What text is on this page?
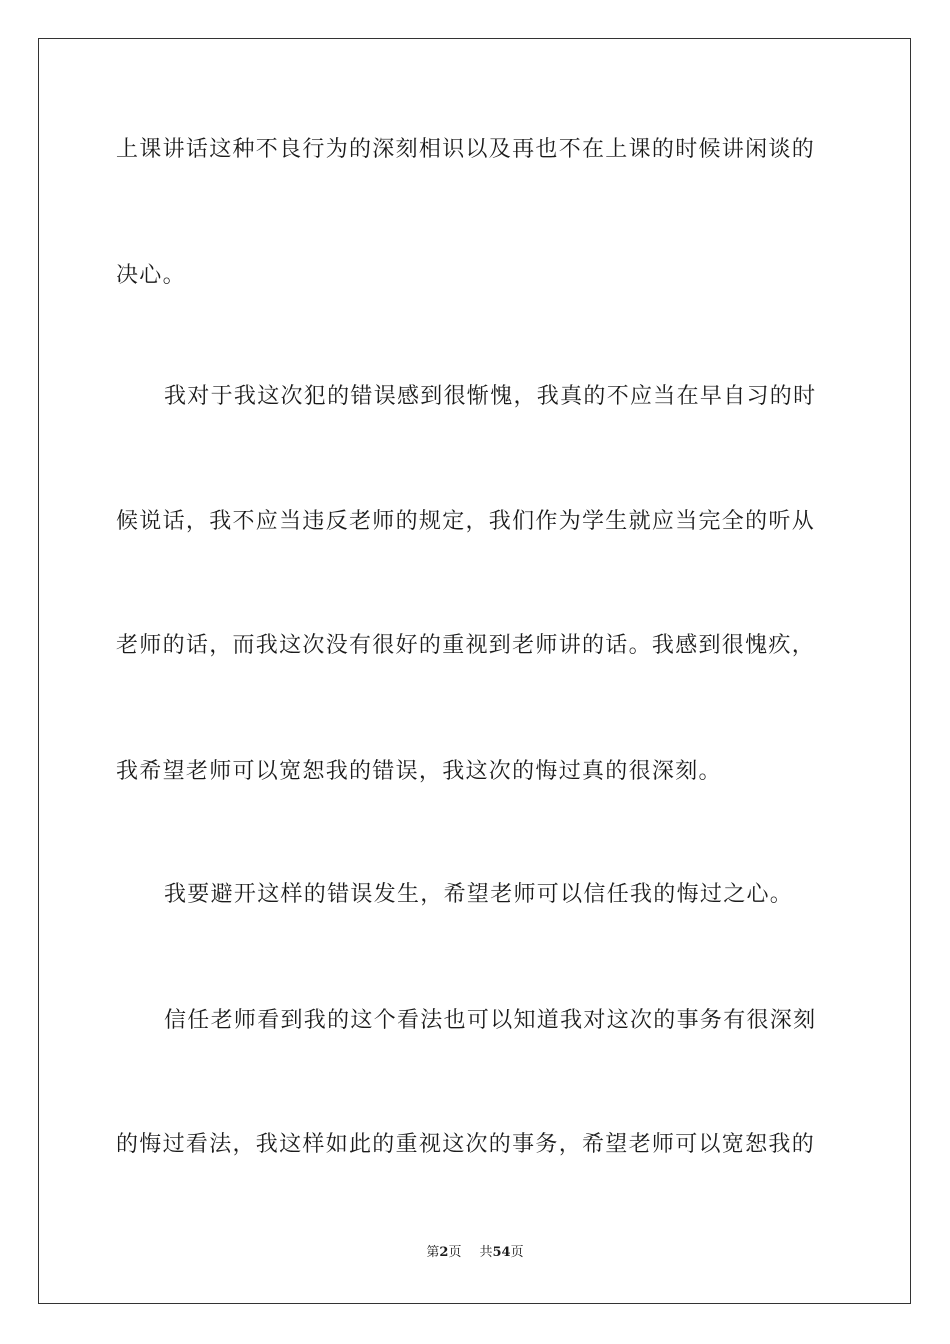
上课讲话这种不良行为的深刻相识以及再也不在上课的时候讲闲谈的
决心。
我对于我这次犯的错误感到很惭愧，我真的不应当在早自习的时
候说话，我不应当违反老师的规定，我们作为学生就应当完全的听从
老师的话，而我这次没有很好的重视到老师讲的话。我感到很愧疚，
我希望老师可以宽恕我的错误，我这次的悔过真的很深刻。
我要避开这样的错误发生，希望老师可以信任我的悔过之心。
信任老师看到我的这个看法也可以知道我对这次的事务有很深刻
的悔过看法，我这样如此的重视这次的事务，希望老师可以宽恕我的
第2页 共54页
